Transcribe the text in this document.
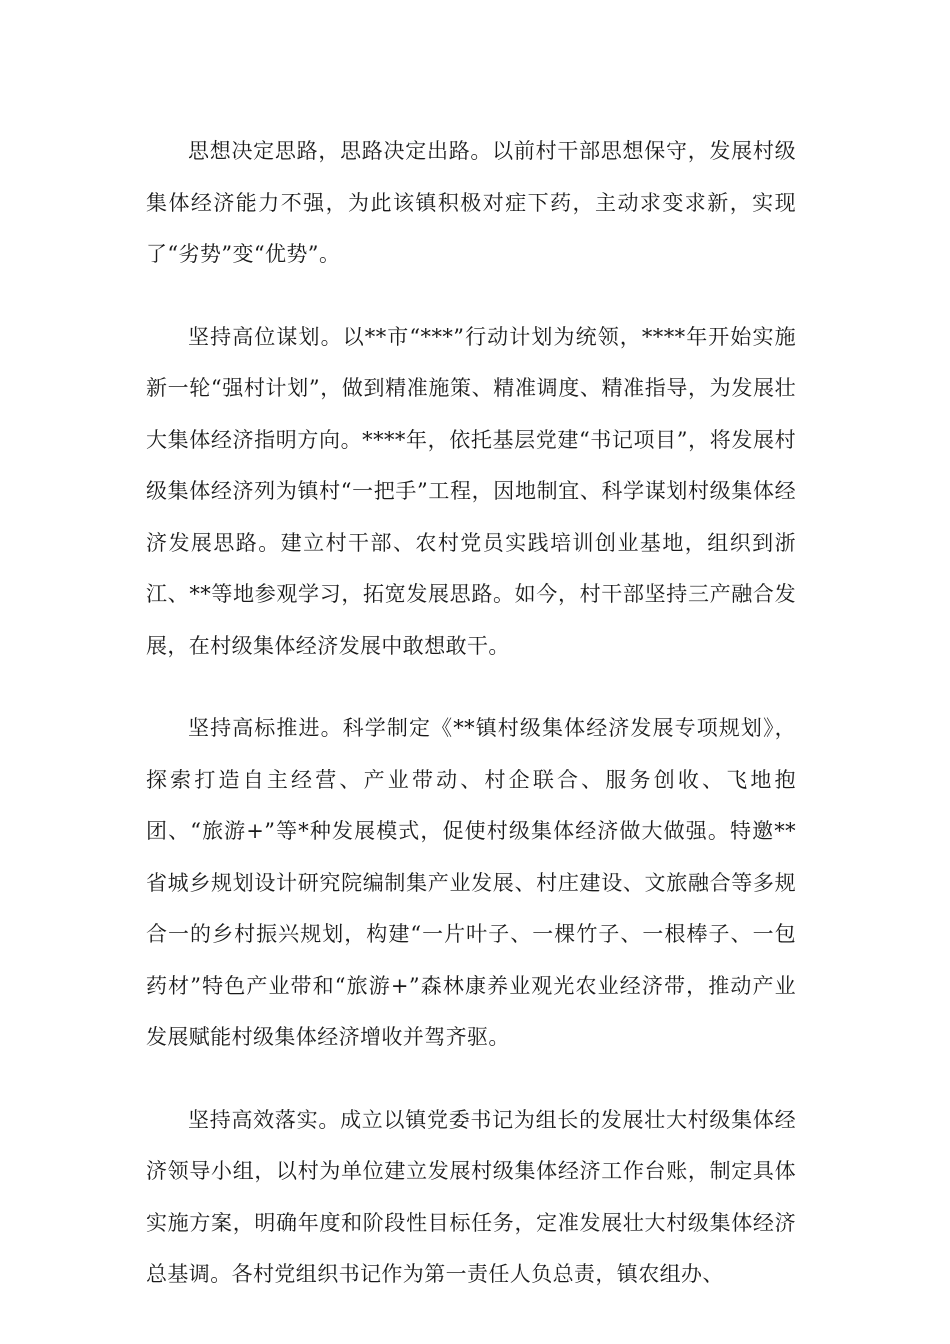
思想决定思路，思路决定出路。以前村干部思想保守，发展村级集体经济能力不强，为此该镇积极对症下药，主动求变求新，实现了“劣势”变“优势”。

坚持高位谋划。以**市“***”行动计划为统领，****年开始实施新一轮“强村计划”，做到精准施策、精准调度、精准指导，为发展壮大集体经济指明方向。****年，依托基层党建“书记项目”，将发展村级集体经济列为镇村“一把手”工程，因地制宜、科学谋划村级集体经济发展思路。建立村干部、农村党员实践培训创业基地，组织到浙江、**等地参观学习，拓宽发展思路。如今，村干部坚持三产融合发展，在村级集体经济发展中敢想敢干。

坚持高标推进。科学制定《**镇村级集体经济发展专项规划》，探索打造自主经营、产业带动、村企联合、服务创收、飞地抱团、“旅游+”等*种发展模式，促使村级集体经济做大做强。特邀**省城乡规划设计研究院编制集产业发展、村庄建设、文旅融合等多规合一的乡村振兴规划，构建“一片叶子、一棵竹子、一根棒子、一包药材”特色产业带和“旅游+”森林康养业观光农业经济带，推动产业发展赋能村级集体经济增收并驾齐驱。

坚持高效落实。成立以镇党委书记为组长的发展壮大村级集体经济领导小组，以村为单位建立发展村级集体经济工作台账，制定具体实施方案，明确年度和阶段性目标任务，定准发展壮大村级集体经济总基调。各村党组织书记作为第一责任人负总责，镇农组办、
